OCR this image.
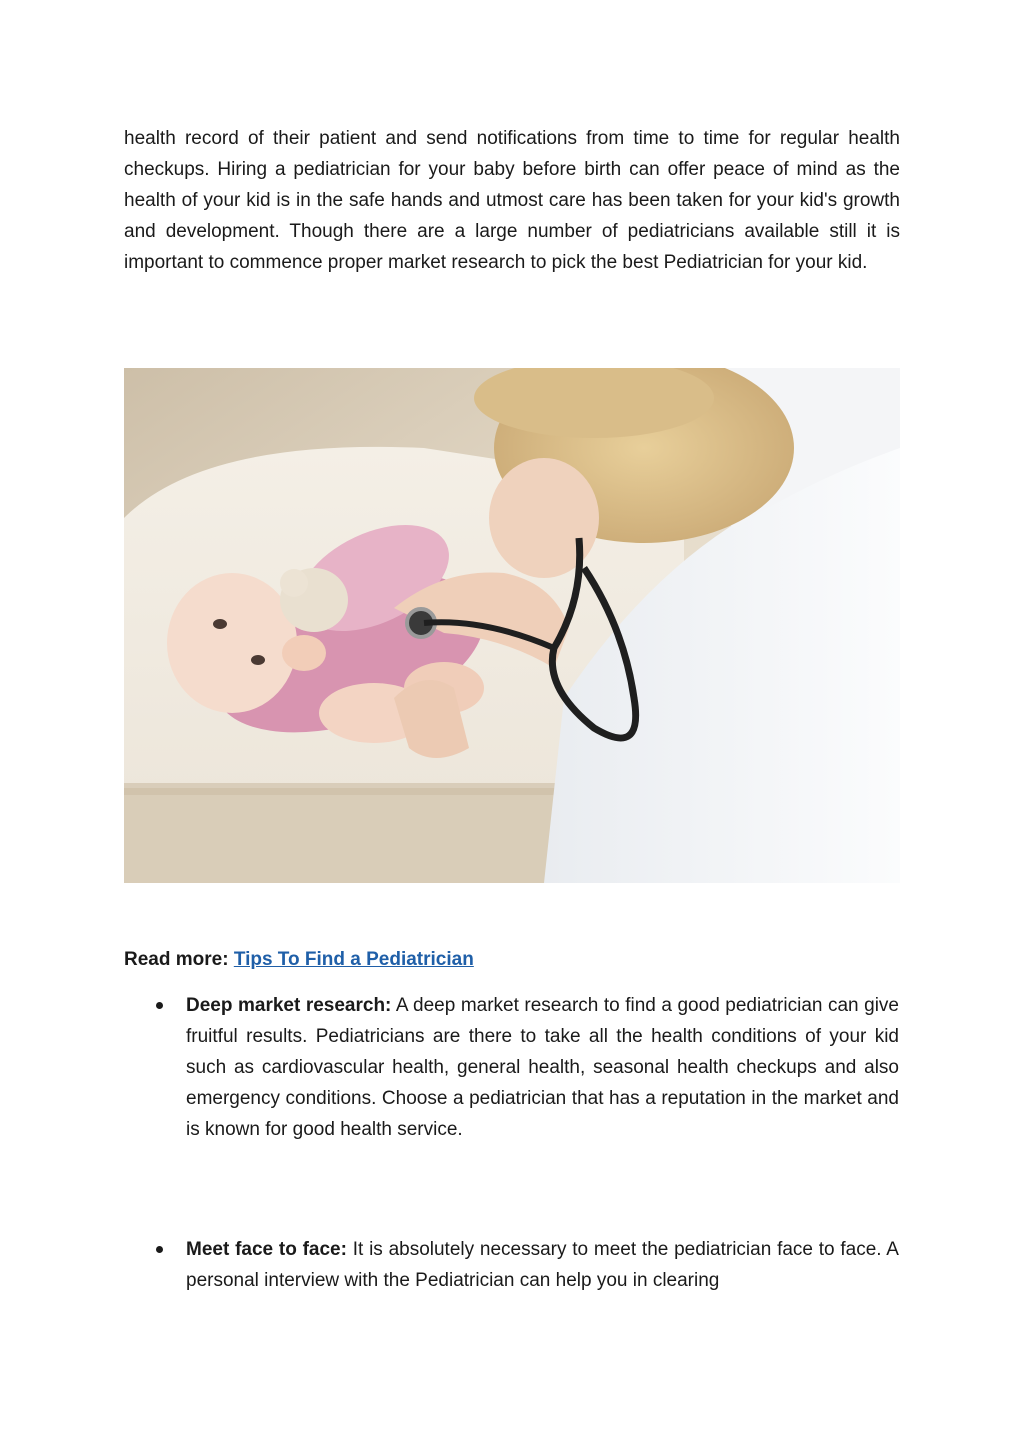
health record of their patient and send notifications from time to time for regular health checkups. Hiring a pediatrician for your baby before birth can offer peace of mind as the health of your kid is in the safe hands and utmost care has been taken for your kid's growth and development. Though there are a large number of pediatricians available still it is important to commence proper market research to pick the best Pediatrician for your kid.

Read more: Tips To Find a Pediatrician

Deep market research: A deep market research to find a good pediatrician can give fruitful results. Pediatricians are there to take all the health conditions of your kid such as cardiovascular health, general health, seasonal health checkups and also emergency conditions. Choose a pediatrician that has a reputation in the market and is known for good health service.

Meet face to face: It is absolutely necessary to meet the pediatrician face to face. A personal interview with the Pediatrician can help you in clearing
